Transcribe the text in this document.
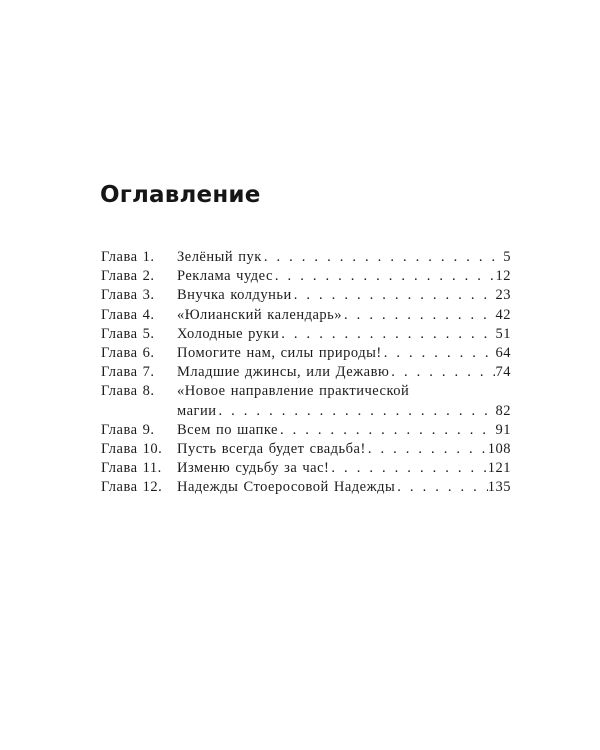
Оглавление
Глава 1.	Зелёный пук . . .	5
Глава 2.	Реклама чудес . . .	12
Глава 3.	Внучка колдуньи . . .	23
Глава 4.	«Юлианский календарь» . . .	42
Глава 5.	Холодные руки . . .	51
Глава 6.	Помогите нам, силы природы! . . .	64
Глава 7.	Младшие джинсы, или Дежавю . . .	74
Глава 8.	«Новое направление практической
магии . . .	82
Глава 9.	Всем по шапке . . .	91
Глава 10.	Пусть всегда будет свадьба! . . .	108
Глава 11.	Изменю судьбу за час! . . .	121
Глава 12.	Надежды Стоеросовой Надежды . . .	135
